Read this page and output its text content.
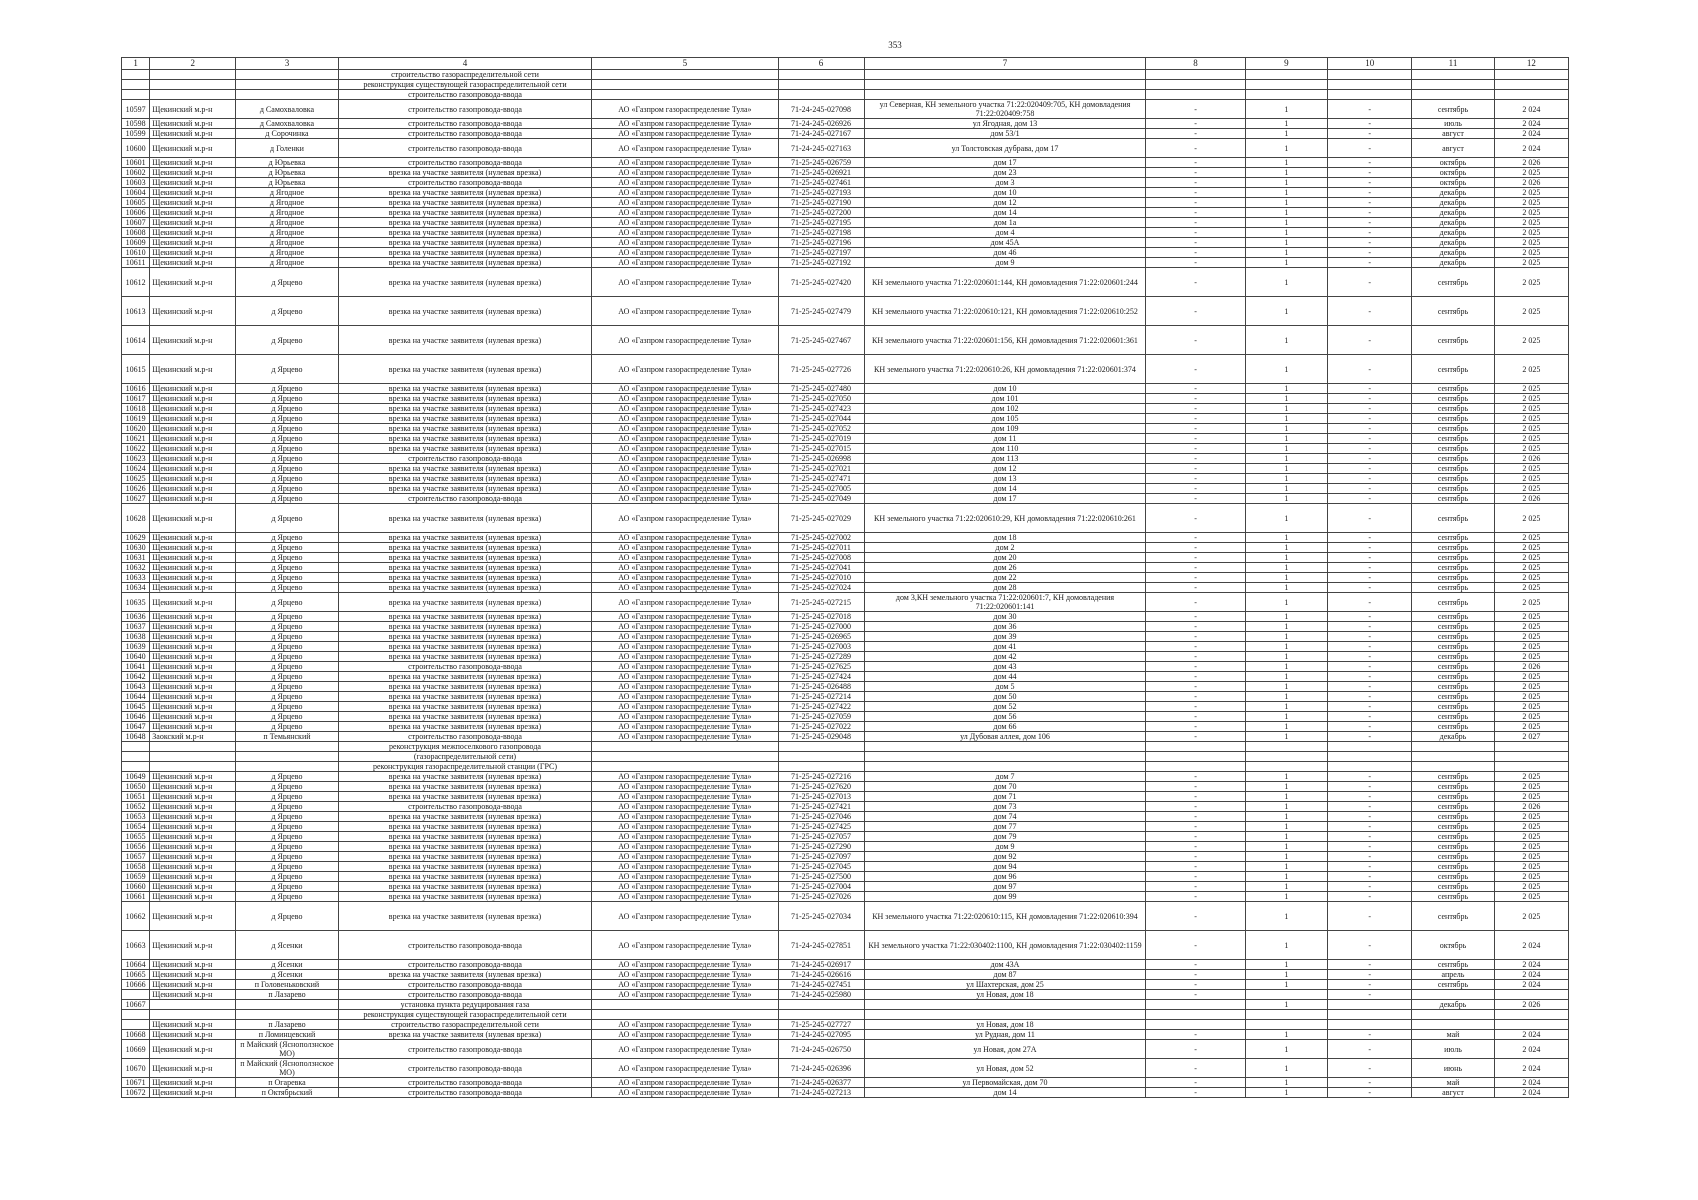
353
1	2	3	4	5	6	7	8	9	10	11	12
			строительство газораспределительной сети								
			реконструкция существующей газораспределительной сети								
			строительство газопровода-ввода								
10597	Щекинский м.р-н	д Самохваловка	строительство газопровода-ввода	АО «Газпром газораспределение Тула»	71-24-245-027098	ул Северная, КН земельного участка 71:22:020409:705, КН домовладения 71:22:020409:758	-	1	-	сентябрь	2 024
10598	Щекинский м.р-н	д Самохваловка	строительство газопровода-ввода	АО «Газпром газораспределение Тула»	71-24-245-026926	ул Ягодная, дом 13	-	1	-	июль	2 024
10599	Щекинский м.р-н	д Сорочинка	строительство газопровода-ввода	АО «Газпром газораспределение Тула»	71-24-245-027167	дом 53/1	-	1	-	август	2 024
10600	Щекинский м.р-н	д Голенки	строительство газопровода-ввода	АО «Газпром газораспределение Тула»	71-24-245-027163	ул Толстовская дубрава, дом 17	-	1	-	август	2 024
10601	Щекинский м.р-н	д Юрьевка	строительство газопровода-ввода	АО «Газпром газораспределение Тула»	71-25-245-026759	дом 17	-	1	-	октябрь	2 026
10602	Щекинский м.р-н	д Юрьевка	врезка на участке заявителя (нулевая врезка)	АО «Газпром газораспределение Тула»	71-25-245-026921	дом 23	-	1	-	октябрь	2 025
10603	Щекинский м.р-н	д Юрьевка	строительство газопровода-ввода	АО «Газпром газораспределение Тула»	71-25-245-027461	дом 3	-	1	-	октябрь	2 026
10604	Щекинский м.р-н	д Ягодное	врезка на участке заявителя (нулевая врезка)	АО «Газпром газораспределение Тула»	71-25-245-027193	дом 10	-	1	-	декабрь	2 025
10605	Щекинский м.р-н	д Ягодное	врезка на участке заявителя (нулевая врезка)	АО «Газпром газораспределение Тула»	71-25-245-027190	дом 12	-	1	-	декабрь	2 025
10606	Щекинский м.р-н	д Ягодное	врезка на участке заявителя (нулевая врезка)	АО «Газпром газораспределение Тула»	71-25-245-027200	дом 14	-	1	-	декабрь	2 025
10607	Щекинский м.р-н	д Ягодное	врезка на участке заявителя (нулевая врезка)	АО «Газпром газораспределение Тула»	71-25-245-027195	дом 1а	-	1	-	декабрь	2 025
10608	Щекинский м.р-н	д Ягодное	врезка на участке заявителя (нулевая врезка)	АО «Газпром газораспределение Тула»	71-25-245-027198	дом 4	-	1	-	декабрь	2 025
10609	Щекинский м.р-н	д Ягодное	врезка на участке заявителя (нулевая врезка)	АО «Газпром газораспределение Тула»	71-25-245-027196	дом 45А	-	1	-	декабрь	2 025
10610	Щекинский м.р-н	д Ягодное	врезка на участке заявителя (нулевая врезка)	АО «Газпром газораспределение Тула»	71-25-245-027197	дом 46	-	1	-	декабрь	2 025
10611	Щекинский м.р-н	д Ягодное	врезка на участке заявителя (нулевая врезка)	АО «Газпром газораспределение Тула»	71-25-245-027192	дом 9	-	1	-	декабрь	2 025
10612	Щекинский м.р-н	д Ярцево	врезка на участке заявителя (нулевая врезка)	АО «Газпром газораспределение Тула»	71-25-245-027420	КН земельного участка 71:22:020601:144, КН домовладения 71:22:020601:244	-	1	-	сентябрь	2 025
10613	Щекинский м.р-н	д Ярцево	врезка на участке заявителя (нулевая врезка)	АО «Газпром газораспределение Тула»	71-25-245-027479	КН земельного участка 71:22:020610:121, КН домовладения 71:22:020610:252	-	1	-	сентябрь	2 025
10614	Щекинский м.р-н	д Ярцево	врезка на участке заявителя (нулевая врезка)	АО «Газпром газораспределение Тула»	71-25-245-027467	КН земельного участка 71:22:020601:156, КН домовладения 71:22:020601:361	-	1	-	сентябрь	2 025
10615	Щекинский м.р-н	д Ярцево	врезка на участке заявителя (нулевая врезка)	АО «Газпром газораспределение Тула»	71-25-245-027726	КН земельного участка 71:22:020610:26, КН домовладения 71:22:020601:374	-	1	-	сентябрь	2 025
10616	Щекинский м.р-н	д Ярцево	врезка на участке заявителя (нулевая врезка)	АО «Газпром газораспределение Тула»	71-25-245-027480	дом 10	-	1	-	сентябрь	2 025
10617	Щекинский м.р-н	д Ярцево	врезка на участке заявителя (нулевая врезка)	АО «Газпром газораспределение Тула»	71-25-245-027050	дом 101	-	1	-	сентябрь	2 025
10618	Щекинский м.р-н	д Ярцево	врезка на участке заявителя (нулевая врезка)	АО «Газпром газораспределение Тула»	71-25-245-027423	дом 102	-	1	-	сентябрь	2 025
10619	Щекинский м.р-н	д Ярцево	врезка на участке заявителя (нулевая врезка)	АО «Газпром газораспределение Тула»	71-25-245-027044	дом 105	-	1	-	сентябрь	2 025
10620	Щекинский м.р-н	д Ярцево	врезка на участке заявителя (нулевая врезка)	АО «Газпром газораспределение Тула»	71-25-245-027052	дом 109	-	1	-	сентябрь	2 025
10621	Щекинский м.р-н	д Ярцево	врезка на участке заявителя (нулевая врезка)	АО «Газпром газораспределение Тула»	71-25-245-027019	дом 11	-	1	-	сентябрь	2 025
10622	Щекинский м.р-н	д Ярцево	врезка на участке заявителя (нулевая врезка)	АО «Газпром газораспределение Тула»	71-25-245-027015	дом 110	-	1	-	сентябрь	2 025
10623	Щекинский м.р-н	д Ярцево	строительство газопровода-ввода	АО «Газпром газораспределение Тула»	71-25-245-026998	дом 113	-	1	-	сентябрь	2 026
10624	Щекинский м.р-н	д Ярцево	врезка на участке заявителя (нулевая врезка)	АО «Газпром газораспределение Тула»	71-25-245-027021	дом 12	-	1	-	сентябрь	2 025
10625	Щекинский м.р-н	д Ярцево	врезка на участке заявителя (нулевая врезка)	АО «Газпром газораспределение Тула»	71-25-245-027471	дом 13	-	1	-	сентябрь	2 025
10626	Щекинский м.р-н	д Ярцево	врезка на участке заявителя (нулевая врезка)	АО «Газпром газораспределение Тула»	71-25-245-027005	дом 14	-	1	-	сентябрь	2 025
10627	Щекинский м.р-н	д Ярцево	строительство газопровода-ввода	АО «Газпром газораспределение Тула»	71-25-245-027049	дом 17	-	1	-	сентябрь	2 026
10628	Щекинский м.р-н	д Ярцево	врезка на участке заявителя (нулевая врезка)	АО «Газпром газораспределение Тула»	71-25-245-027029	КН земельного участка 71:22:020610:29, КН домовладения 71:22:020610:261	-	1	-	сентябрь	2 025
10629	Щекинский м.р-н	д Ярцево	врезка на участке заявителя (нулевая врезка)	АО «Газпром газораспределение Тула»	71-25-245-027002	дом 18	-	1	-	сентябрь	2 025
10630	Щекинский м.р-н	д Ярцево	врезка на участке заявителя (нулевая врезка)	АО «Газпром газораспределение Тула»	71-25-245-027011	дом 2	-	1	-	сентябрь	2 025
10631	Щекинский м.р-н	д Ярцево	врезка на участке заявителя (нулевая врезка)	АО «Газпром газораспределение Тула»	71-25-245-027008	дом 20	-	1	-	сентябрь	2 025
10632	Щекинский м.р-н	д Ярцево	врезка на участке заявителя (нулевая врезка)	АО «Газпром газораспределение Тула»	71-25-245-027041	дом 26	-	1	-	сентябрь	2 025
10633	Щекинский м.р-н	д Ярцево	врезка на участке заявителя (нулевая врезка)	АО «Газпром газораспределение Тула»	71-25-245-027010	дом 22	-	1	-	сентябрь	2 025
10634	Щекинский м.р-н	д Ярцево	врезка на участке заявителя (нулевая врезка)	АО «Газпром газораспределение Тула»	71-25-245-027024	дом 28	-	1	-	сентябрь	2 025
10635	Щекинский м.р-н	д Ярцево	врезка на участке заявителя (нулевая врезка)	АО «Газпром газораспределение Тула»	71-25-245-027215	дом 3,КН земельного участка 71:22:020601:7, КН домовладения 71:22:020601:141	-	1	-	сентябрь	2 025
10636	Щекинский м.р-н	д Ярцево	врезка на участке заявителя (нулевая врезка)	АО «Газпром газораспределение Тула»	71-25-245-027018	дом 30	-	1	-	сентябрь	2 025
10637	Щекинский м.р-н	д Ярцево	врезка на участке заявителя (нулевая врезка)	АО «Газпром газораспределение Тула»	71-25-245-027000	дом 36	-	1	-	сентябрь	2 025
10638	Щекинский м.р-н	д Ярцево	врезка на участке заявителя (нулевая врезка)	АО «Газпром газораспределение Тула»	71-25-245-026965	дом 39	-	1	-	сентябрь	2 025
10639	Щекинский м.р-н	д Ярцево	врезка на участке заявителя (нулевая врезка)	АО «Газпром газораспределение Тула»	71-25-245-027003	дом 41	-	1	-	сентябрь	2 025
10640	Щекинский м.р-н	д Ярцево	врезка на участке заявителя (нулевая врезка)	АО «Газпром газораспределение Тула»	71-25-245-027289	дом 42	-	1	-	сентябрь	2 025
10641	Щекинский м.р-н	д Ярцево	строительство газопровода-ввода	АО «Газпром газораспределение Тула»	71-25-245-027625	дом 43	-	1	-	сентябрь	2 026
10642	Щекинский м.р-н	д Ярцево	врезка на участке заявителя (нулевая врезка)	АО «Газпром газораспределение Тула»	71-25-245-027424	дом 44	-	1	-	сентябрь	2 025
10643	Щекинский м.р-н	д Ярцево	врезка на участке заявителя (нулевая врезка)	АО «Газпром газораспределение Тула»	71-25-245-026488	дом 5	-	1	-	сентябрь	2 025
10644	Щекинский м.р-н	д Ярцево	врезка на участке заявителя (нулевая врезка)	АО «Газпром газораспределение Тула»	71-25-245-027214	дом 50	-	1	-	сентябрь	2 025
10645	Щекинский м.р-н	д Ярцево	врезка на участке заявителя (нулевая врезка)	АО «Газпром газораспределение Тула»	71-25-245-027422	дом 52	-	1	-	сентябрь	2 025
10646	Щекинский м.р-н	д Ярцево	врезка на участке заявителя (нулевая врезка)	АО «Газпром газораспределение Тула»	71-25-245-027059	дом 56	-	1	-	сентябрь	2 025
10647	Щекинский м.р-н	д Ярцево	врезка на участке заявителя (нулевая врезка)	АО «Газпром газораспределение Тула»	71-25-245-027022	дом 66	-	1	-	сентябрь	2 025
10648	Заокский м.р-н	п Темьянский	строительство газопровода-ввода	АО «Газпром газораспределение Тула»	71-25-245-029048	ул Дубовая аллея, дом 106	-	1	-	декабрь	2 027
			реконструкция межпоселкового газопровода								
			(газораспределительной сети)								
			реконструкция газораспределительной станции (ГРС)								
10649	Щекинский м.р-н	д Ярцево	врезка на участке заявителя (нулевая врезка)	АО «Газпром газораспределение Тула»	71-25-245-027216	дом 7	-	1	-	сентябрь	2 025
10650	Щекинский м.р-н	д Ярцево	врезка на участке заявителя (нулевая врезка)	АО «Газпром газораспределение Тула»	71-25-245-027620	дом 70	-	1	-	сентябрь	2 025
10651	Щекинский м.р-н	д Ярцево	врезка на участке заявителя (нулевая врезка)	АО «Газпром газораспределение Тула»	71-25-245-027013	дом 71	-	1	-	сентябрь	2 025
10652	Щекинский м.р-н	д Ярцево	строительство газопровода-ввода	АО «Газпром газораспределение Тула»	71-25-245-027421	дом 73	-	1	-	сентябрь	2 026
10653	Щекинский м.р-н	д Ярцево	врезка на участке заявителя (нулевая врезка)	АО «Газпром газораспределение Тула»	71-25-245-027046	дом 74	-	1	-	сентябрь	2 025
10654	Щекинский м.р-н	д Ярцево	врезка на участке заявителя (нулевая врезка)	АО «Газпром газораспределение Тула»	71-25-245-027425	дом 77	-	1	-	сентябрь	2 025
10655	Щекинский м.р-н	д Ярцево	врезка на участке заявителя (нулевая врезка)	АО «Газпром газораспределение Тула»	71-25-245-027057	дом 79	-	1	-	сентябрь	2 025
10656	Щекинский м.р-н	д Ярцево	врезка на участке заявителя (нулевая врезка)	АО «Газпром газораспределение Тула»	71-25-245-027290	дом 9	-	1	-	сентябрь	2 025
10657	Щекинский м.р-н	д Ярцево	врезка на участке заявителя (нулевая врезка)	АО «Газпром газораспределение Тула»	71-25-245-027097	дом 92	-	1	-	сентябрь	2 025
10658	Щекинский м.р-н	д Ярцево	врезка на участке заявителя (нулевая врезка)	АО «Газпром газораспределение Тула»	71-25-245-027045	дом 94	-	1	-	сентябрь	2 025
10659	Щекинский м.р-н	д Ярцево	врезка на участке заявителя (нулевая врезка)	АО «Газпром газораспределение Тула»	71-25-245-027500	дом 96	-	1	-	сентябрь	2 025
10660	Щекинский м.р-н	д Ярцево	врезка на участке заявителя (нулевая врезка)	АО «Газпром газораспределение Тула»	71-25-245-027004	дом 97	-	1	-	сентябрь	2 025
10661	Щекинский м.р-н	д Ярцево	врезка на участке заявителя (нулевая врезка)	АО «Газпром газораспределение Тула»	71-25-245-027026	дом 99	-	1	-	сентябрь	2 025
10662	Щекинский м.р-н	д Ярцево	врезка на участке заявителя (нулевая врезка)	АО «Газпром газораспределение Тула»	71-25-245-027034	КН земельного участка 71:22:020610:115, КН домовладения 71:22:020610:394	-	1	-	сентябрь	2 025
10663	Щекинский м.р-н	д Ясенки	строительство газопровода-ввода	АО «Газпром газораспределение Тула»	71-24-245-027851	КН земельного участка 71:22:030402:1100, КН домовладения 71:22:030402:1159	-	1	-	октябрь	2 024
10664	Щекинский м.р-н	д Ясенки	строительство газопровода-ввода	АО «Газпром газораспределение Тула»	71-24-245-026917	дом 43А	-	1	-	сентябрь	2 024
10665	Щекинский м.р-н	д Ясенки	врезка на участке заявителя (нулевая врезка)	АО «Газпром газораспределение Тула»	71-24-245-026616	дом 87	-	1	-	апрель	2 024
10666	Щекинский м.р-н	п Головеньковский	строительство газопровода-ввода	АО «Газпром газораспределение Тула»	71-24-245-027451	ул Шахтерская, дом 25	-	1	-	сентябрь	2 024
	Щекинский м.р-н	п Лазарево	строительство газопровода-ввода	АО «Газпром газораспределение Тула»	71-24-245-025980	ул Новая, дом 18	-		-		
10667			установка пункта редуцирования газа					1		декабрь	2 026
			реконструкция существующей газораспределительной сети								
	Щекинский м.р-н	п Лазарево	строительство газораспределительной сети	АО «Газпром газораспределение Тула»	71-25-245-027727	ул Новая, дом 18					
10668	Щекинский м.р-н	п Ломинцевский	врезка на участке заявителя (нулевая врезка)	АО «Газпром газораспределение Тула»	71-24-245-027095	ул Рудная, дом 11	-	1	-	май	2 024
10669	Щекинский м.р-н	п Майский (Ясноползнское МО)	строительство газопровода-ввода	АО «Газпром газораспределение Тула»	71-24-245-026750	ул Новая, дом 27А	-	1	-	июль	2 024
10670	Щекинский м.р-н	п Майский (Ясноползнское МО)	строительство газопровода-ввода	АО «Газпром газораспределение Тула»	71-24-245-026396	ул Новая, дом 52	-	1	-	июнь	2 024
10671	Щекинский м.р-н	п Огаревка	строительство газопровода-ввода	АО «Газпром газораспределение Тула»	71-24-245-026377	ул Первомайская, дом 70	-	1	-	май	2 024
10672	Щекинский м.р-н	п Октябрьский	строительство газопровода-ввода	АО «Газпром газораспределение Тула»	71-24-245-027213	дом 14	-	1	-	август	2 024
